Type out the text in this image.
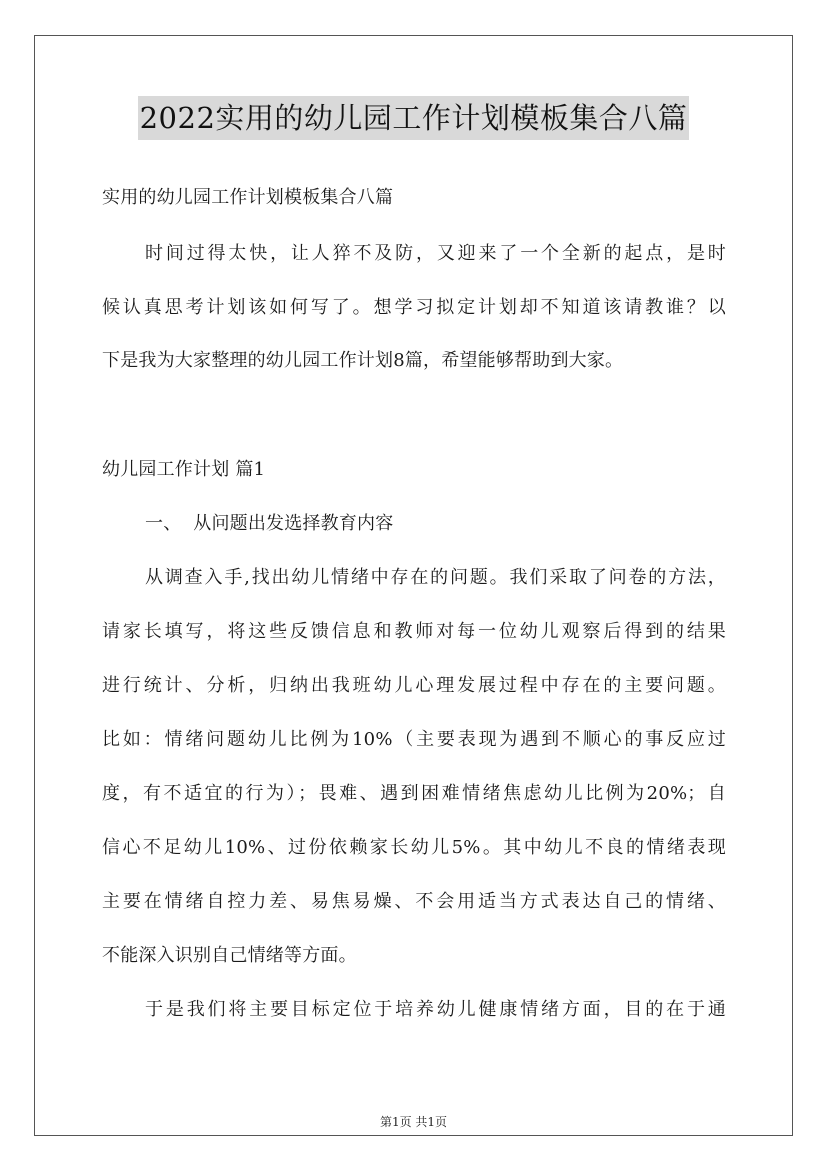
2022实用的幼儿园工作计划模板集合八篇
实用的幼儿园工作计划模板集合八篇
时间过得太快，让人猝不及防，又迎来了一个全新的起点，是时
候认真思考计划该如何写了。想学习拟定计划却不知道该请教谁？以
下是我为大家整理的幼儿园工作计划8篇，希望能够帮助到大家。
幼儿园工作计划 篇1
一、  从问题出发选择教育内容
从调查入手,找出幼儿情绪中存在的问题。我们采取了问卷的方法，
请家长填写，将这些反馈信息和教师对每一位幼儿观察后得到的结果
进行统计、分析，归纳出我班幼儿心理发展过程中存在的主要问题。
比如：情绪问题幼儿比例为10%（主要表现为遇到不顺心的事反应过
度，有不适宜的行为）；畏难、遇到困难情绪焦虑幼儿比例为20%；自
信心不足幼儿10%、过份依赖家长幼儿5%。其中幼儿不良的情绪表现
主要在情绪自控力差、易焦易燥、不会用适当方式表达自己的情绪、
不能深入识别自己情绪等方面。
于是我们将主要目标定位于培养幼儿健康情绪方面，目的在于通
第1页 共1页
